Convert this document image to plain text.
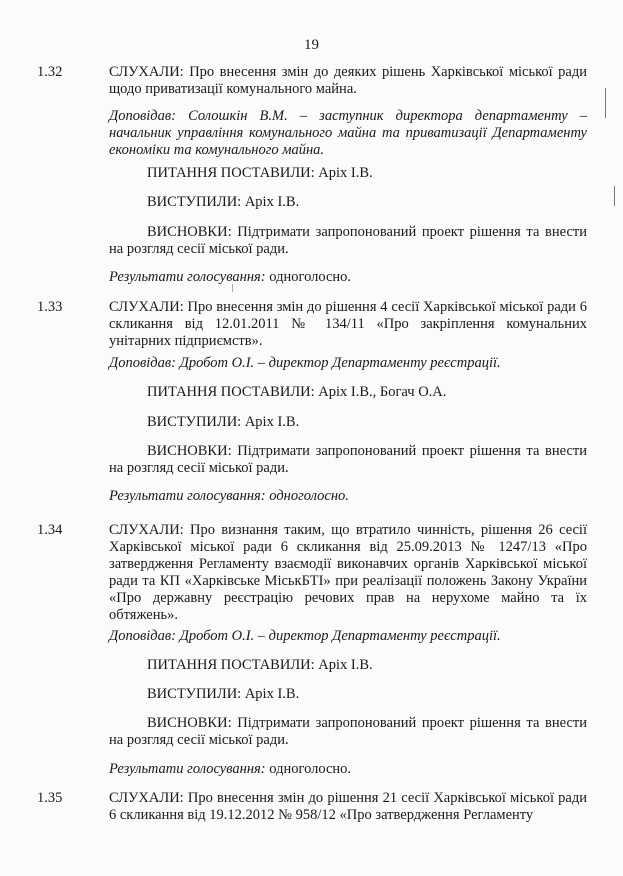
19
1.32	СЛУХАЛИ: Про внесення змін до деяких рішень Харківської міської ради щодо приватизації комунального майна.
Доповідав: Солошкін В.М. – заступник директора департаменту – начальник управління комунального майна та приватизації Департаменту економіки та комунального майна.
ПИТАННЯ ПОСТАВИЛИ: Аріх І.В.
ВИСТУПИЛИ: Аріх І.В.
ВИСНОВКИ: Підтримати запропонований проект рішення та внести на розгляд сесії міської ради.
Результати голосування: одноголосно.
1.33	СЛУХАЛИ: Про внесення змін до рішення 4 сесії Харківської міської ради 6 скликання від 12.01.2011 № 134/11 «Про закріплення комунальних унітарних підприємств».
Доповідав: Дробот О.І. – директор Департаменту реєстрації.
ПИТАННЯ ПОСТАВИЛИ: Аріх І.В., Богач О.А.
ВИСТУПИЛИ: Аріх І.В.
ВИСНОВКИ: Підтримати запропонований проект рішення та внести на розгляд сесії міської ради.
Результати голосування: одноголосно.
1.34	СЛУХАЛИ: Про визнання таким, що втратило чинність, рішення 26 сесії Харківської міської ради 6 скликання від 25.09.2013 № 1247/13 «Про затвердження Регламенту взаємодії виконавчих органів Харківської міської ради та КП «Харківське МіськБТІ» при реалізації положень Закону України «Про державну реєстрацію речових прав на нерухоме майно та їх обтяжень».
Доповідав: Дробот О.І. – директор Департаменту реєстрації.
ПИТАННЯ ПОСТАВИЛИ: Аріх І.В.
ВИСТУПИЛИ: Аріх І.В.
ВИСНОВКИ: Підтримати запропонований проект рішення та внести на розгляд сесії міської ради.
Результати голосування: одноголосно.
1.35	СЛУХАЛИ: Про внесення змін до рішення 21 сесії Харківської міської ради 6 скликання від 19.12.2012 № 958/12 «Про затвердження Регламенту
